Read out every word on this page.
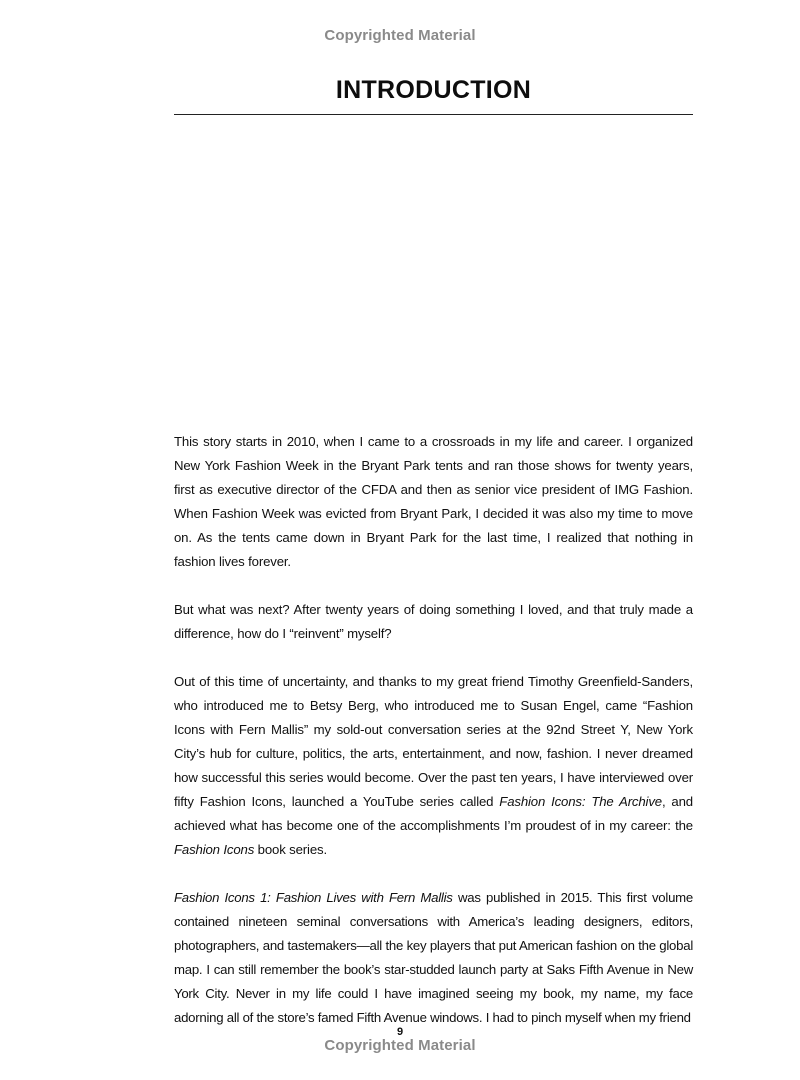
Copyrighted Material
INTRODUCTION

This story starts in 2010, when I came to a crossroads in my life and career. I organized New York Fashion Week in the Bryant Park tents and ran those shows for twenty years, first as executive director of the CFDA and then as senior vice president of IMG Fashion. When Fashion Week was evicted from Bryant Park, I decided it was also my time to move on. As the tents came down in Bryant Park for the last time, I realized that nothing in fashion lives forever.

But what was next? After twenty years of doing something I loved, and that truly made a difference, how do I “reinvent” myself?

Out of this time of uncertainty, and thanks to my great friend Timothy Greenfield-Sanders, who introduced me to Betsy Berg, who introduced me to Susan Engel, came “Fashion Icons with Fern Mallis” my sold-out conversation series at the 92nd Street Y, New York City’s hub for culture, politics, the arts, entertainment, and now, fashion. I never dreamed how successful this series would become. Over the past ten years, I have interviewed over fifty Fashion Icons, launched a YouTube series called Fashion Icons: The Archive, and achieved what has become one of the accomplishments I’m proudest of in my career: the Fashion Icons book series.

Fashion Icons 1: Fashion Lives with Fern Mallis was published in 2015. This first volume contained nineteen seminal conversations with America’s leading designers, editors, photographers, and tastemakers—all the key players that put American fashion on the global map. I can still remember the book’s star-studded launch party at Saks Fifth Avenue in New York City. Never in my life could I have imagined seeing my book, my name, my face adorning all of the store’s famed Fifth Avenue windows. I had to pinch myself when my friend

9
Copyrighted Material
